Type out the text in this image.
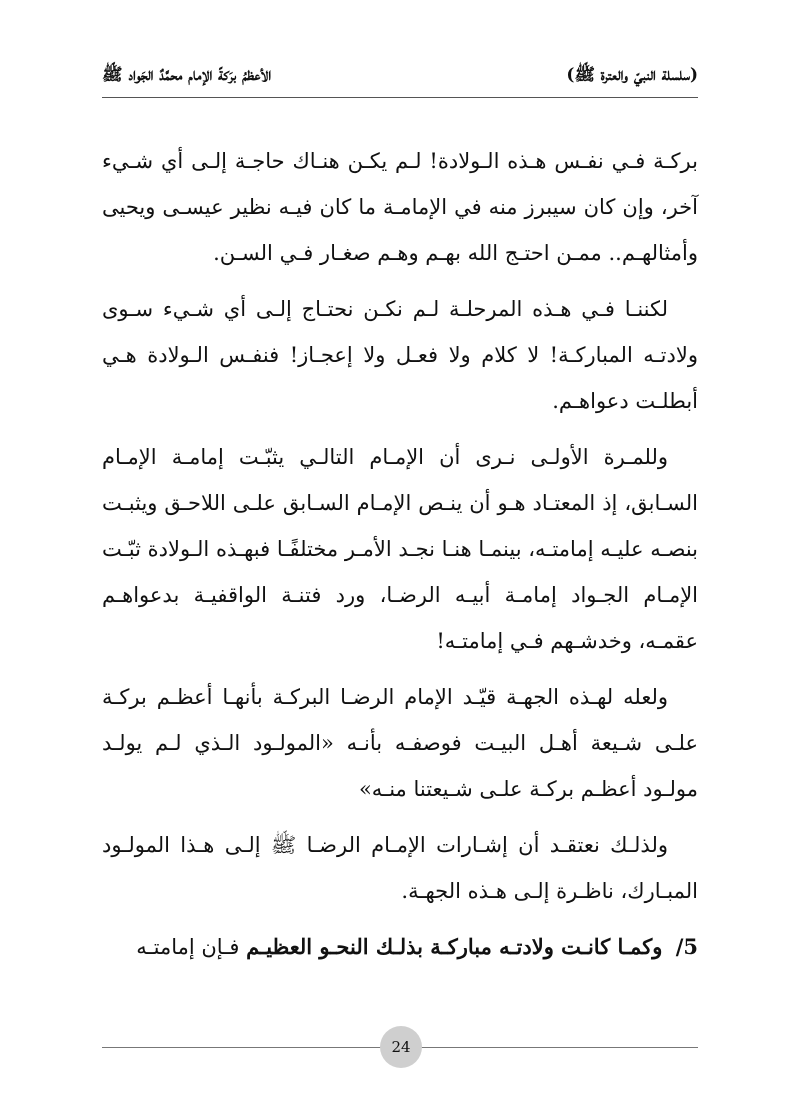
(سلسلة النبيّ والعترة ﷺ)
الأعظمُ برَكةً الإمام محمَّدٌ الجَواد ﷺ

بركـة فـي نفـس هـذه الـولادة! لـم يكـن هنـاك حاجـة إلـى أي شـيء آخر، وإن كان سيبرز منه في الإمامـة ما كان فيـه نظير عيسـى ويحيى وأمثالهـم.. ممـن احتـج الله بهـم وهـم صغـار فـي السـن.

لكننـا فـي هـذه المرحلـة لـم نكـن نحتـاج إلـى أي شـيء سـوى ولادتـه المباركـة! لا كلام ولا فعـل ولا إعجـاز! فنفـس الـولادة هـي أبطلـت دعواهـم.

وللمـرة الأولـى نـرى أن الإمـام التالـي يثبّـت إمامـة الإمـام السـابق، إذ المعتـاد هـو أن ينـص الإمـام السـابق علـى اللاحـق ويثبـت بنصـه عليـه إمامتـه، بينمـا هنـا نجـد الأمـر مختلفًـا فبهـذه الـولادة ثبّـت الإمـام الجـواد إمامـة أبيـه الرضـا، ورد فتنـة الواقفيـة بدعواهـم عقمـه، وخدشـهم فـي إمامتـه!

ولعله لهـذه الجهـة قيّـد الإمام الرضـا البركـة بأنهـا أعظـم بركـة علـى شـيعة أهـل البيـت فوصفـه بأنـه «المولـود الـذي لـم يولـد مولـود أعظـم بركـة علـى شـيعتنا منـه»

ولذلـك نعتقـد أن إشـارات الإمـام الرضـا ﷺ إلـى هـذا المولـود المبـارك، ناظـرة إلـى هـذه الجهـة.

5/  وكمـا كانـت ولادتـه مباركـة بذلـك النحـو العظيـم فـإن إمامتـه

24
